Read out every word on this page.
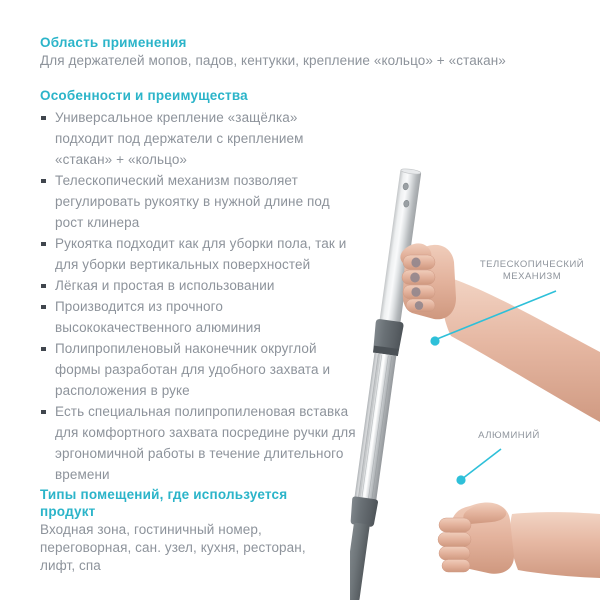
Область применения
Для держателей мопов, падов, кентукки, крепление «кольцо» + «стакан»
Особенности и преимущества
Универсальное крепление «защёлка» подходит под держатели с креплением «стакан» + «кольцо»
Телескопический механизм позволяет регулировать рукоятку в нужной длине под рост клинера
Рукоятка подходит как для уборки пола, так и для уборки вертикальных поверхностей
Лёгкая и простая в использовании
Производится из прочного высококачественного алюминия
Полипропиленовый наконечник округлой формы разработан для удобного захвата и расположения в руке
Есть специальная полипропиленовая вставка для комфортного захвата посредине ручки для эргономичной работы в течение длительного времени
Типы помещений, где используется продукт
Входная зона, гостиничный номер, переговорная, сан. узел, кухня, ресторан, лифт, спа
ТЕЛЕСКОПИЧЕСКИЙ МЕХАНИЗМ
АЛЮМИНИЙ
